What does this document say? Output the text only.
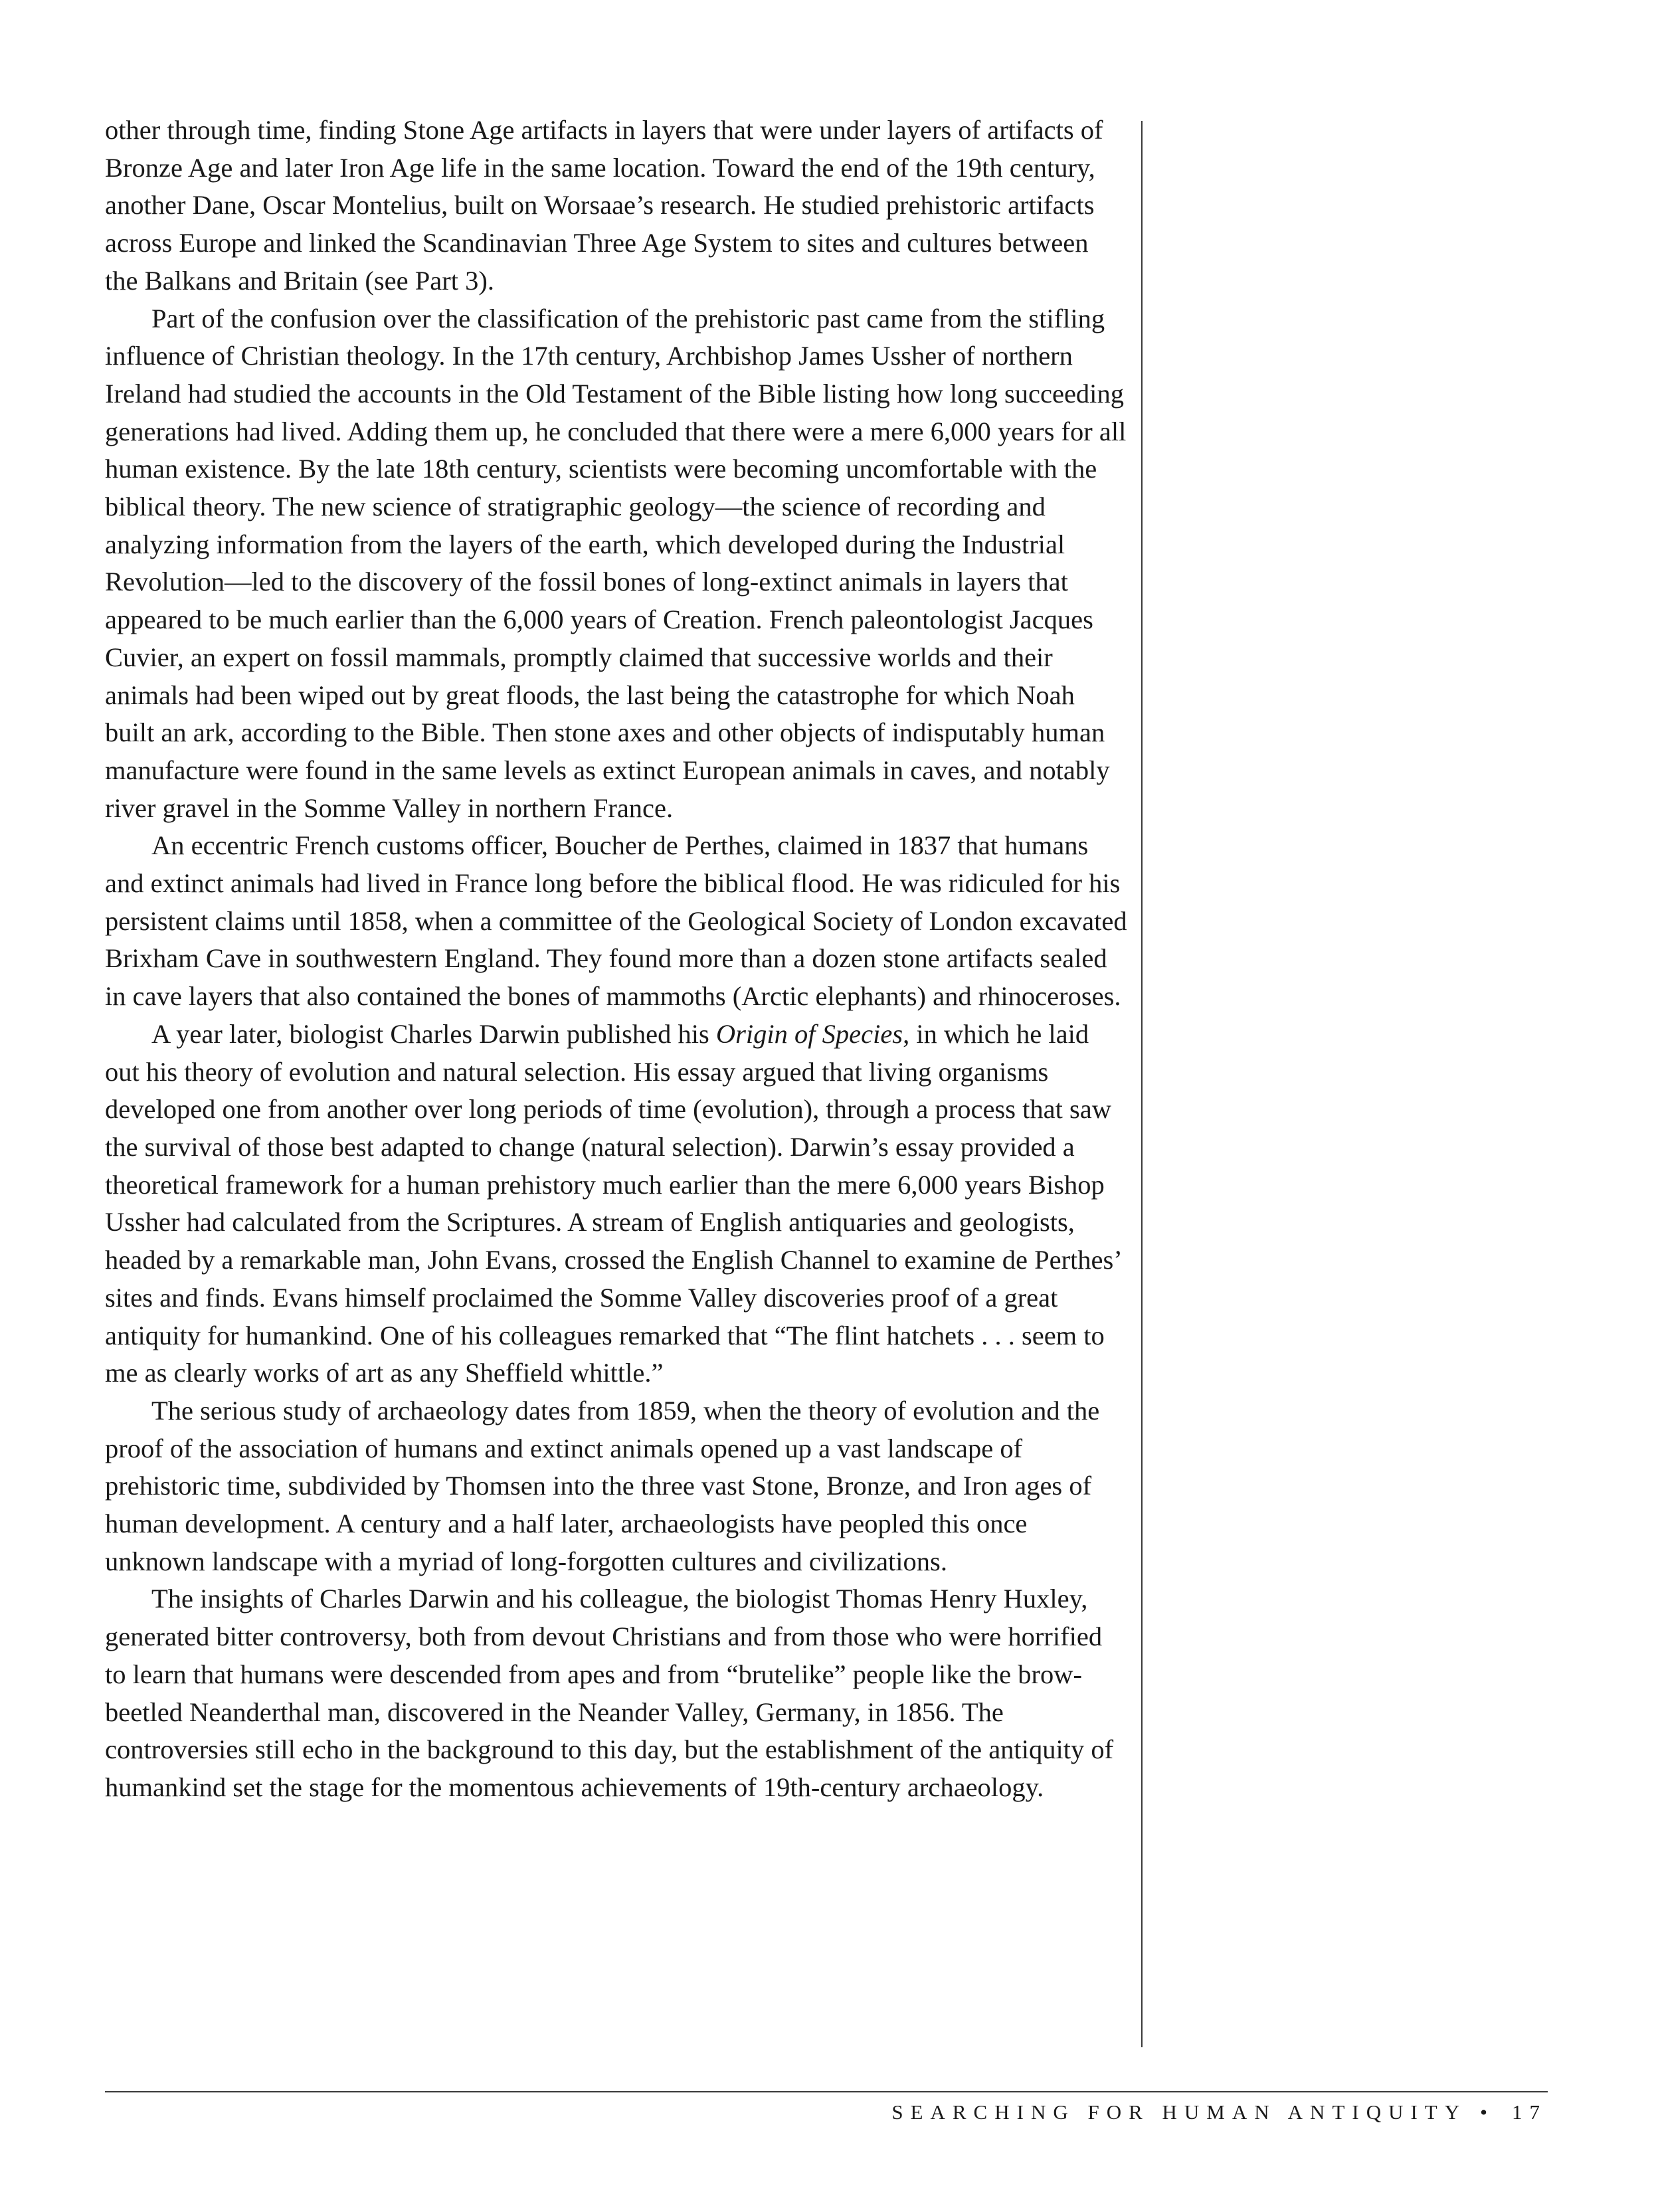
other through time, finding Stone Age artifacts in layers that were under layers of artifacts of Bronze Age and later Iron Age life in the same location. Toward the end of the 19th century, another Dane, Oscar Montelius, built on Worsaae’s research. He studied prehistoric artifacts across Europe and linked the Scandinavian Three Age System to sites and cultures between the Balkans and Britain (see Part 3).

Part of the confusion over the classification of the prehistoric past came from the stifling influence of Christian theology. In the 17th century, Archbishop James Ussher of northern Ireland had studied the accounts in the Old Testament of the Bible listing how long succeeding generations had lived. Adding them up, he concluded that there were a mere 6,000 years for all human existence. By the late 18th century, scientists were becoming uncomfortable with the biblical theory. The new science of stratigraphic geology—the science of recording and analyzing information from the layers of the earth, which developed during the Industrial Revolution—led to the discovery of the fossil bones of long-extinct animals in layers that appeared to be much earlier than the 6,000 years of Creation. French paleontologist Jacques Cuvier, an expert on fossil mammals, promptly claimed that successive worlds and their animals had been wiped out by great floods, the last being the catastrophe for which Noah built an ark, according to the Bible. Then stone axes and other objects of indisputably human manufacture were found in the same levels as extinct European animals in caves, and notably river gravel in the Somme Valley in northern France.

An eccentric French customs officer, Boucher de Perthes, claimed in 1837 that humans and extinct animals had lived in France long before the biblical flood. He was ridiculed for his persistent claims until 1858, when a committee of the Geological Society of London excavated Brixham Cave in southwestern England. They found more than a dozen stone artifacts sealed in cave layers that also contained the bones of mammoths (Arctic elephants) and rhinoceroses.

A year later, biologist Charles Darwin published his Origin of Species, in which he laid out his theory of evolution and natural selection. His essay argued that living organisms developed one from another over long periods of time (evolution), through a process that saw the survival of those best adapted to change (natural selection). Darwin’s essay provided a theoretical framework for a human prehistory much earlier than the mere 6,000 years Bishop Ussher had calculated from the Scriptures. A stream of English antiquaries and geologists, headed by a remarkable man, John Evans, crossed the English Channel to examine de Perthes’ sites and finds. Evans himself proclaimed the Somme Valley discoveries proof of a great antiquity for humankind. One of his colleagues remarked that “The flint hatchets . . . seem to me as clearly works of art as any Sheffield whittle.”

The serious study of archaeology dates from 1859, when the theory of evolution and the proof of the association of humans and extinct animals opened up a vast landscape of prehistoric time, subdivided by Thomsen into the three vast Stone, Bronze, and Iron ages of human development. A century and a half later, archaeologists have peopled this once unknown landscape with a myriad of long-forgotten cultures and civilizations.

The insights of Charles Darwin and his colleague, the biologist Thomas Henry Huxley, generated bitter controversy, both from devout Christians and from those who were horrified to learn that humans were descended from apes and from “brutelike” people like the brow-beetled Neanderthal man, discovered in the Neander Valley, Germany, in 1856. The controversies still echo in the background to this day, but the establishment of the antiquity of humankind set the stage for the momentous achievements of 19th-century archaeology.

SEARCHING FOR HUMAN ANTIQUITY • 17
